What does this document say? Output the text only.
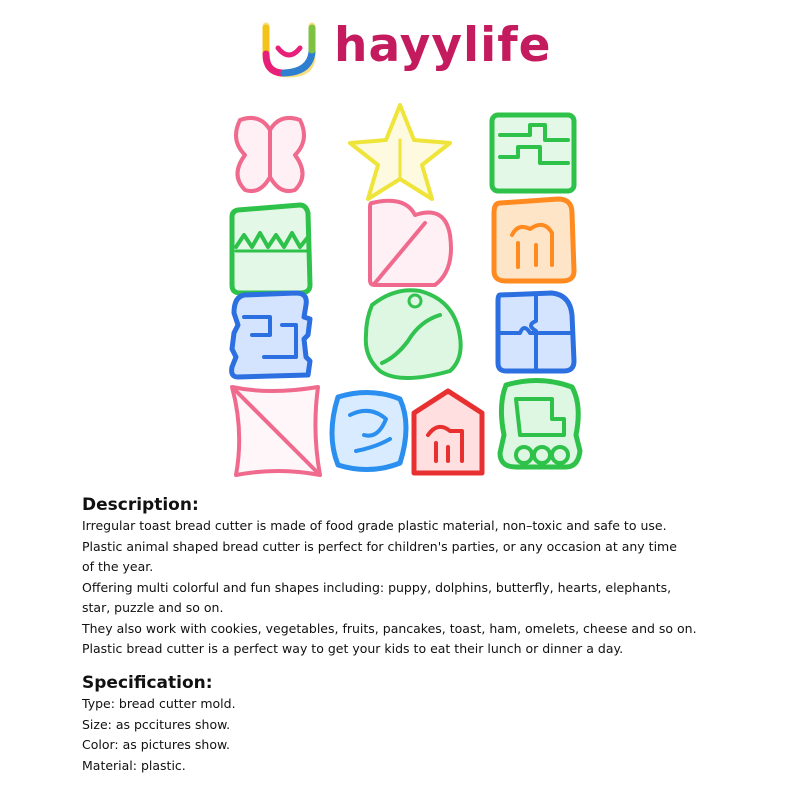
hayylife

Description:

Irregular toast bread cutter is made of food grade plastic material, non–toxic and safe to use.

Plastic animal shaped bread cutter is perfect for children's parties, or any occasion at any time

of the year.

Offering multi colorful and fun shapes including: puppy, dolphins, butterfly, hearts, elephants,

star, puzzle and so on.

They also work with cookies, vegetables, fruits, pancakes, toast, ham, omelets, cheese and so on.

Plastic bread cutter is a perfect way to get your kids to eat their lunch or dinner a day.

Specification:

Type: bread cutter mold.

Size: as pccitures show.

Color: as pictures show.

Material: plastic.
